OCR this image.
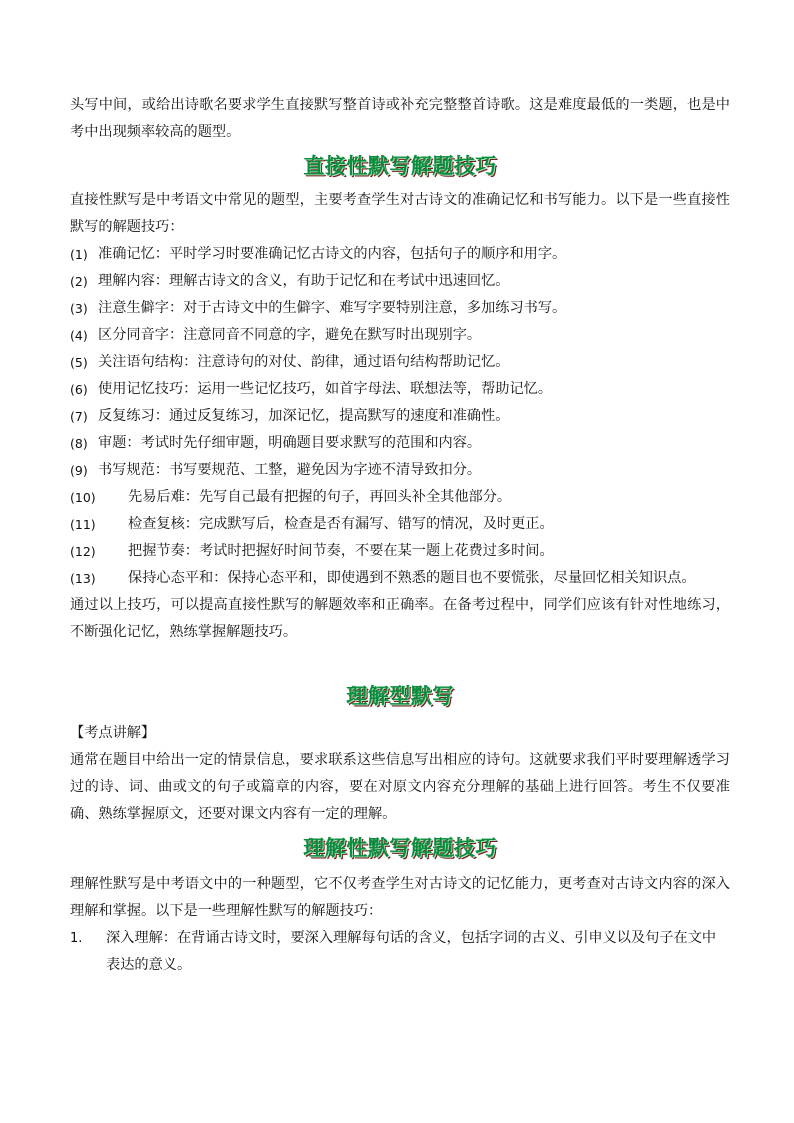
头写中间，或给出诗歌名要求学生直接默写整首诗或补充完整整首诗歌。这是难度最低的一类题，也是中考中出现频率较高的题型。

直接性默写解题技巧

直接性默写是中考语文中常见的题型，主要考查学生对古诗文的准确记忆和书写能力。以下是一些直接性默写的解题技巧：

(1) 准确记忆：平时学习时要准确记忆古诗文的内容，包括句子的顺序和用字。
(2) 理解内容：理解古诗文的含义，有助于记忆和在考试中迅速回忆。
(3) 注意生僻字：对于古诗文中的生僻字、难写字要特别注意，多加练习书写。
(4) 区分同音字：注意同音不同意的字，避免在默写时出现别字。
(5) 关注语句结构：注意诗句的对仗、韵律，通过语句结构帮助记忆。
(6) 使用记忆技巧：运用一些记忆技巧，如首字母法、联想法等，帮助记忆。
(7) 反复练习：通过反复练习，加深记忆，提高默写的速度和准确性。
(8) 审题：考试时先仔细审题，明确题目要求默写的范围和内容。
(9) 书写规范：书写要规范、工整，避免因为字迹不清导致扣分。
(10)	先易后难：先写自己最有把握的句子，再回头补全其他部分。
(11)	检查复核：完成默写后，检查是否有漏写、错写的情况，及时更正。
(12)	把握节奏：考试时把握好时间节奏，不要在某一题上花费过多时间。
(13)	保持心态平和：保持心态平和，即使遇到不熟悉的题目也不要慌张，尽量回忆相关知识点。

通过以上技巧，可以提高直接性默写的解题效率和正确率。在备考过程中，同学们应该有针对性地练习，不断强化记忆，熟练掌握解题技巧。

理解型默写

【考点讲解】

通常在题目中给出一定的情景信息，要求联系这些信息写出相应的诗句。这就要求我们平时要理解透学习过的诗、词、曲或文的句子或篇章的内容，要在对原文内容充分理解的基础上进行回答。考生不仅要准确、熟练掌握原文，还要对课文内容有一定的理解。

理解性默写解题技巧

理解性默写是中考语文中的一种题型，它不仅考查学生对古诗文的记忆能力，更考查对古诗文内容的深入理解和掌握。以下是一些理解性默写的解题技巧：

1.	深入理解：在背诵古诗文时，要深入理解每句话的含义，包括字词的古义、引申义以及句子在文中表达的意义。
